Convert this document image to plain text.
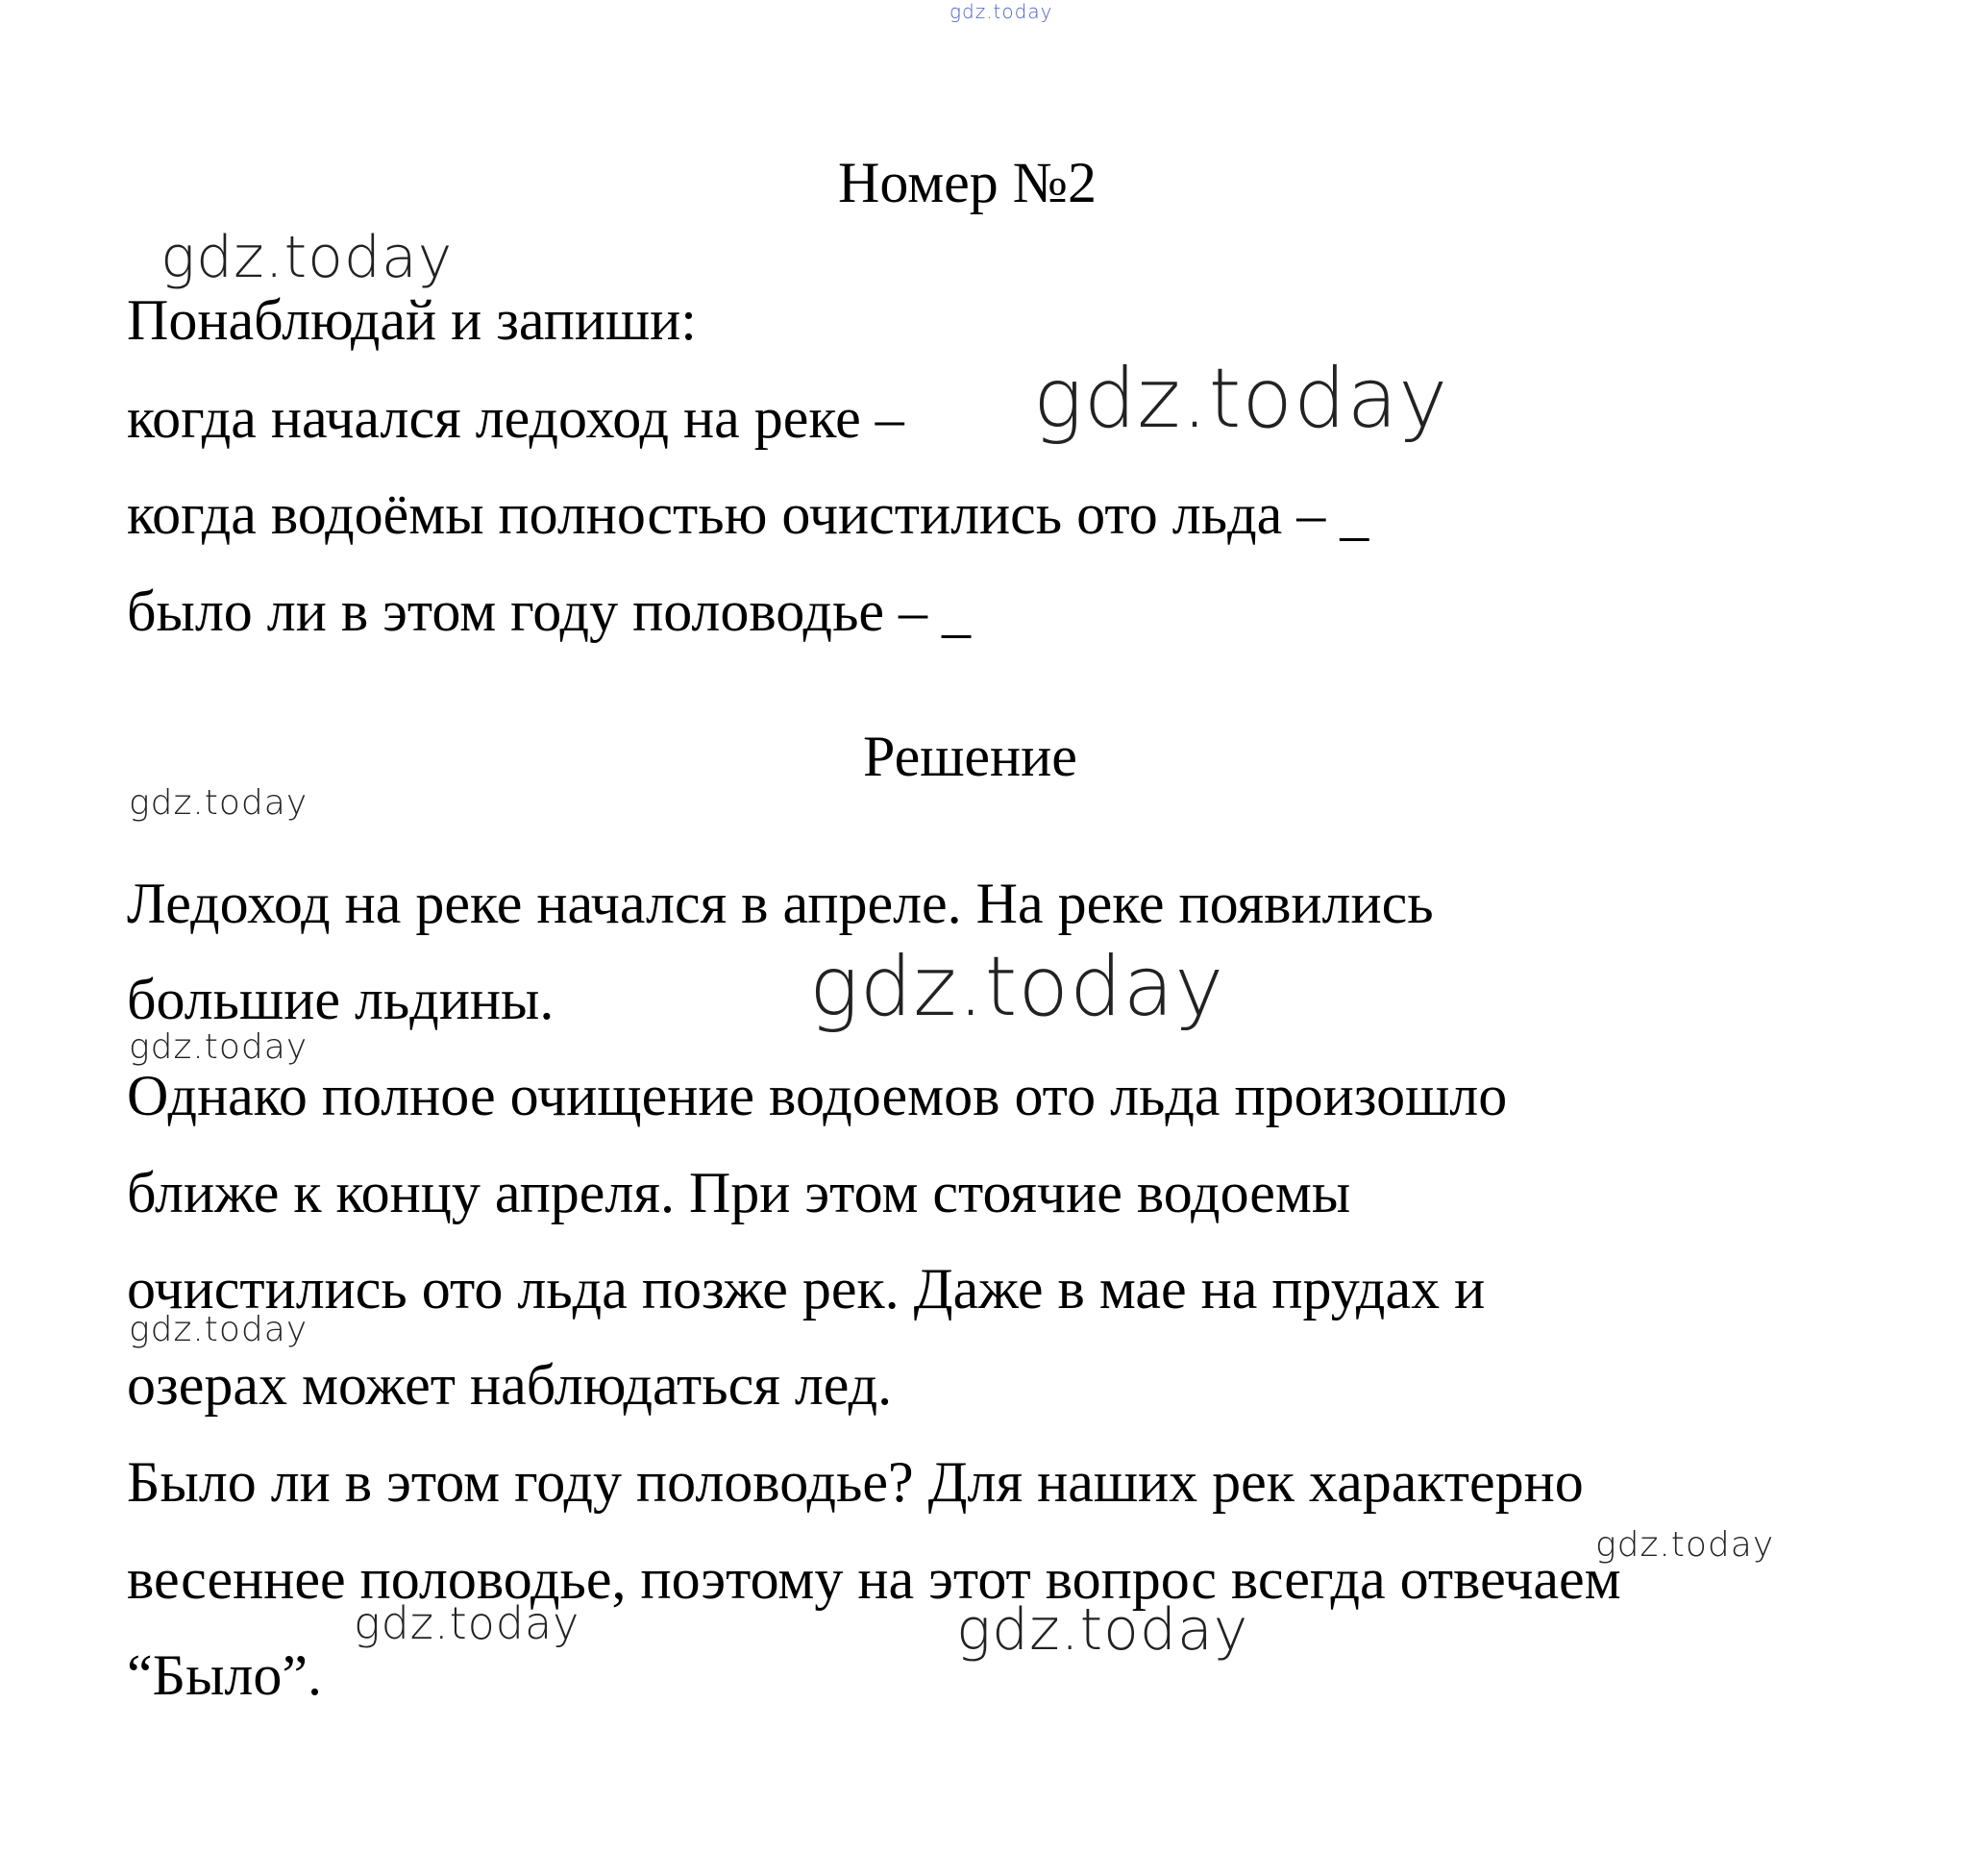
gdz.today
Номер №2
gdz.today
Понаблюдай и запиши:
когда начался ледоход на реке – gdz.today
когда водоёмы полностью очистились ото льда – _
было ли в этом году половодье – _
Решение
gdz.today
Ледоход на реке начался в апреле. На реке появились
большие льдины.	gdz.today
gdz.today
Однако полное очищение водоемов ото льда произошло
ближе к концу апреля. При этом стоячие водоемы
очистились ото льда позже рек. Даже в мае на прудах и
gdz.today
озерах может наблюдаться лед.
Было ли в этом году половодье? Для наших рек характерно
gdz.today
весеннее половодье, поэтому на этот вопрос всегда отвечаем
gdz.today	gdz.today
“Было”.
